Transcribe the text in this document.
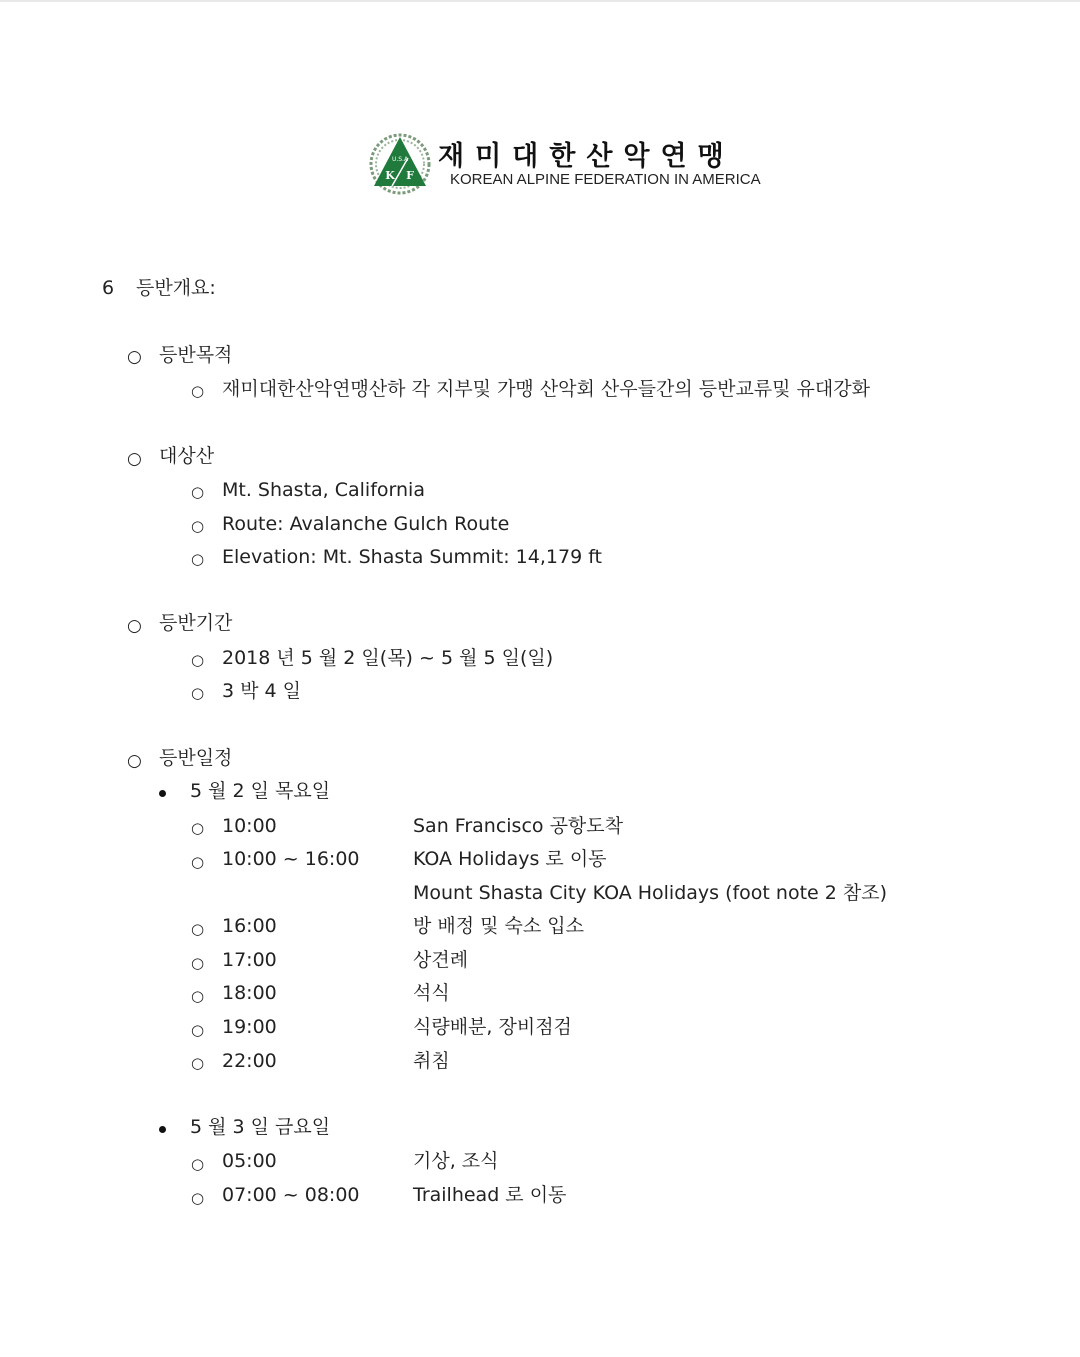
U.S.A
K F
재미대한산악연맹
KOREAN ALPINE FEDERATION IN AMERICA
6 등반개요:
○ 등반목적
○ 재미대한산악연맹산하 각 지부및 가맹 산악회 산우들간의 등반교류및 유대강화
○ 대상산
○ Mt. Shasta, California
○ Route: Avalanche Gulch Route
○ Elevation: Mt. Shasta Summit: 14,179 ft
○ 등반기간
○ 2018 년 5 월 2 일(목) ~ 5 월 5 일(일)
○ 3 박 4 일
○ 등반일정
5 월 2 일 목요일
○ 10:00	San Francisco 공항도착
○ 10:00 ~ 16:00	KOA Holidays 로 이동
Mount Shasta City KOA Holidays (foot note 2 참조)
○ 16:00	방 배정 및 숙소 입소
○ 17:00	상견례
○ 18:00	석식
○ 19:00	식량배분, 장비점검
○ 22:00	취침
5 월 3 일 금요일
○ 05:00	기상, 조식
○ 07:00 ~ 08:00	Trailhead 로 이동
